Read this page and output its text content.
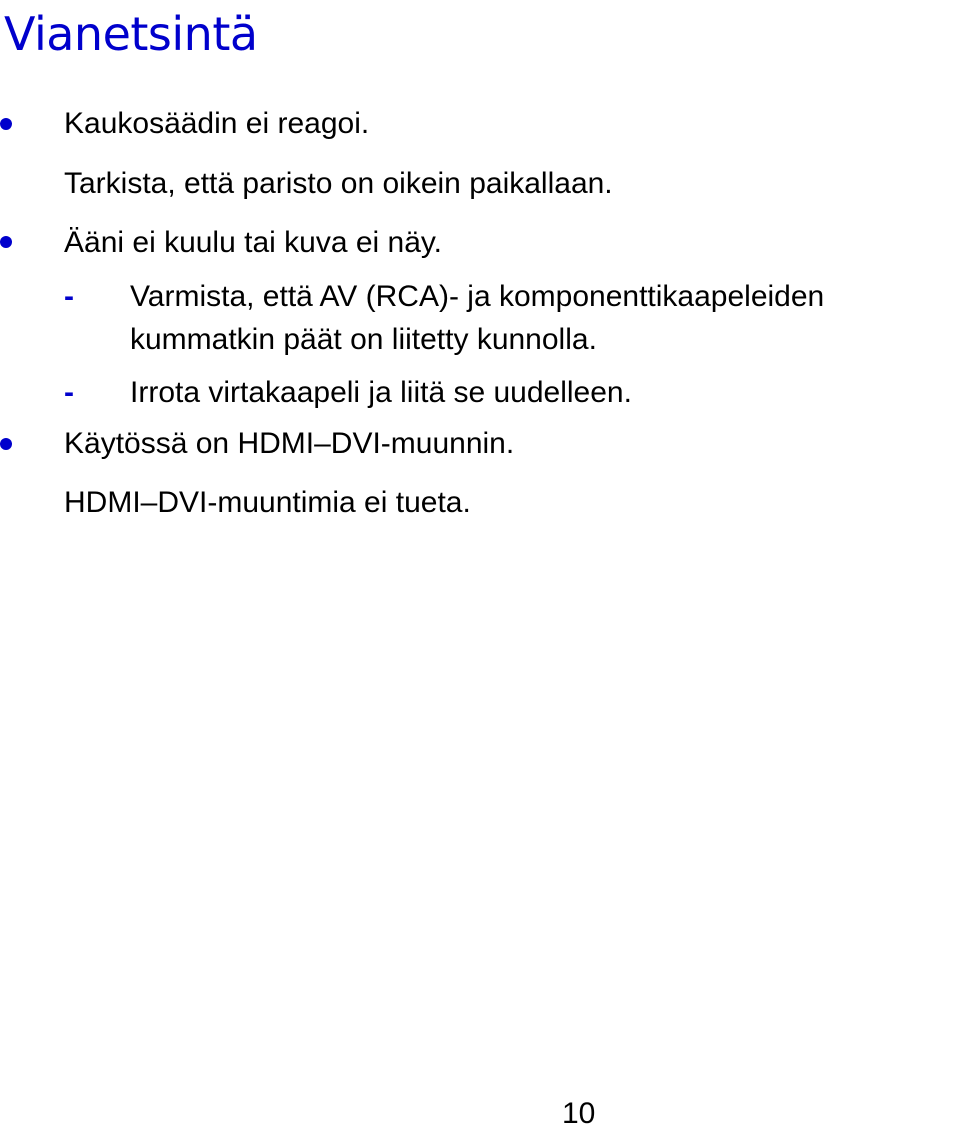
Vianetsintä
Kaukosäädin ei reagoi.
Tarkista, että paristo on oikein paikallaan.
Ääni ei kuulu tai kuva ei näy.
- Varmista, että AV (RCA)- ja komponenttikaapeleiden
kummatkin päät on liitetty kunnolla.
- Irrota virtakaapeli ja liitä se uudelleen.
Käytössä on HDMI–DVI-muunnin.
HDMI–DVI-muuntimia ei tueta.
10
